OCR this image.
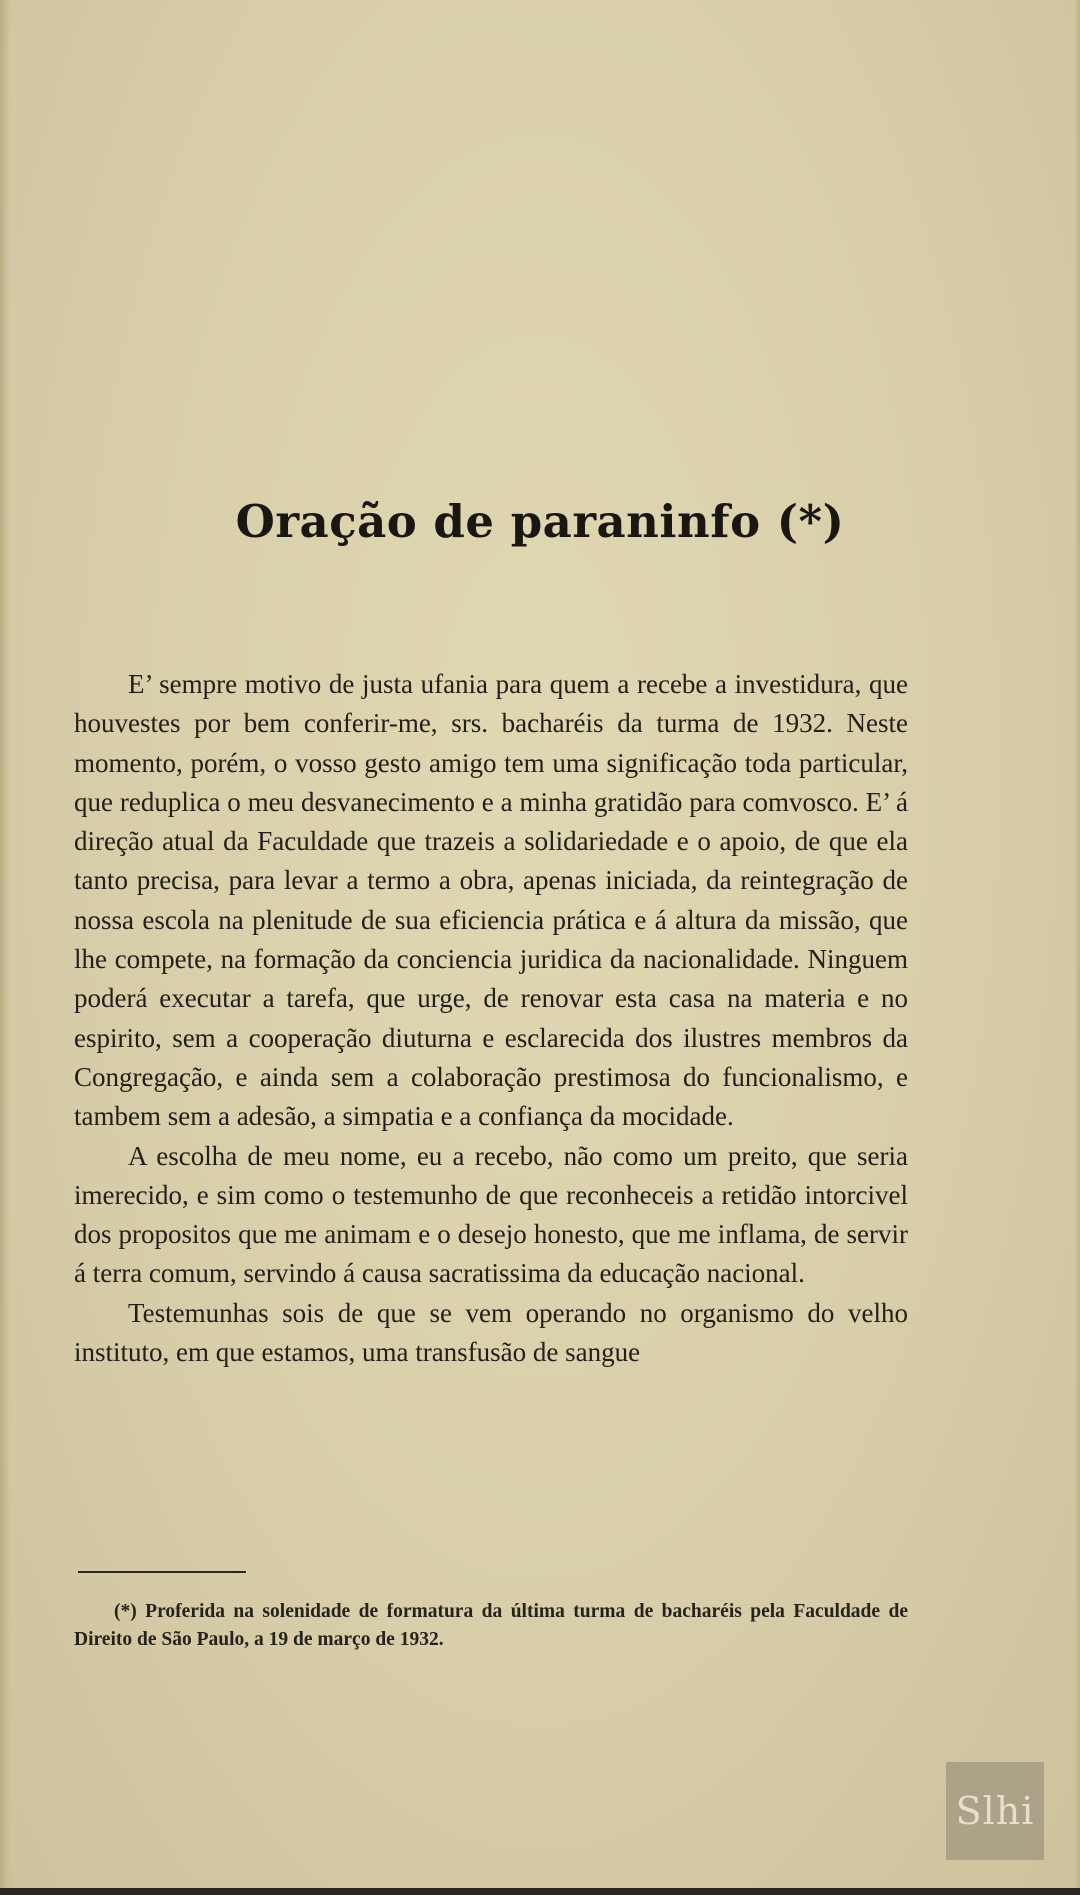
Oração de paraninfo (*)

E’ sempre motivo de justa ufania para quem a recebe a investidura, que houvestes por bem conferir-me, srs. bacharéis da turma de 1932. Neste momento, porém, o vosso gesto amigo tem uma significação toda particular, que reduplica o meu desvanecimento e a minha gratidão para comvosco. E’ á direção atual da Faculdade que trazeis a solidariedade e o apoio, de que ela tanto precisa, para levar a termo a obra, apenas iniciada, da reintegração de nossa escola na plenitude de sua eficiencia prática e á altura da missão, que lhe compete, na formação da conciencia juridica da nacionalidade. Ninguem poderá executar a tarefa, que urge, de renovar esta casa na materia e no espirito, sem a cooperação diuturna e esclarecida dos ilustres membros da Congregação, e ainda sem a colaboração prestimosa do funcionalismo, e tambem sem a adesão, a simpatia e a confiança da mocidade.

A escolha de meu nome, eu a recebo, não como um preito, que seria imerecido, e sim como o testemunho de que reconheceis a retidão intorcivel dos propositos que me animam e o desejo honesto, que me inflama, de servir á terra comum, servindo á causa sacratissima da educação nacional.

Testemunhas sois de que se vem operando no organismo do velho instituto, em que estamos, uma transfusão de sangue

(*) Proferida na solenidade de formatura da última turma de bacharéis pela Faculdade de Direito de São Paulo, a 19 de março de 1932.

Slhi
